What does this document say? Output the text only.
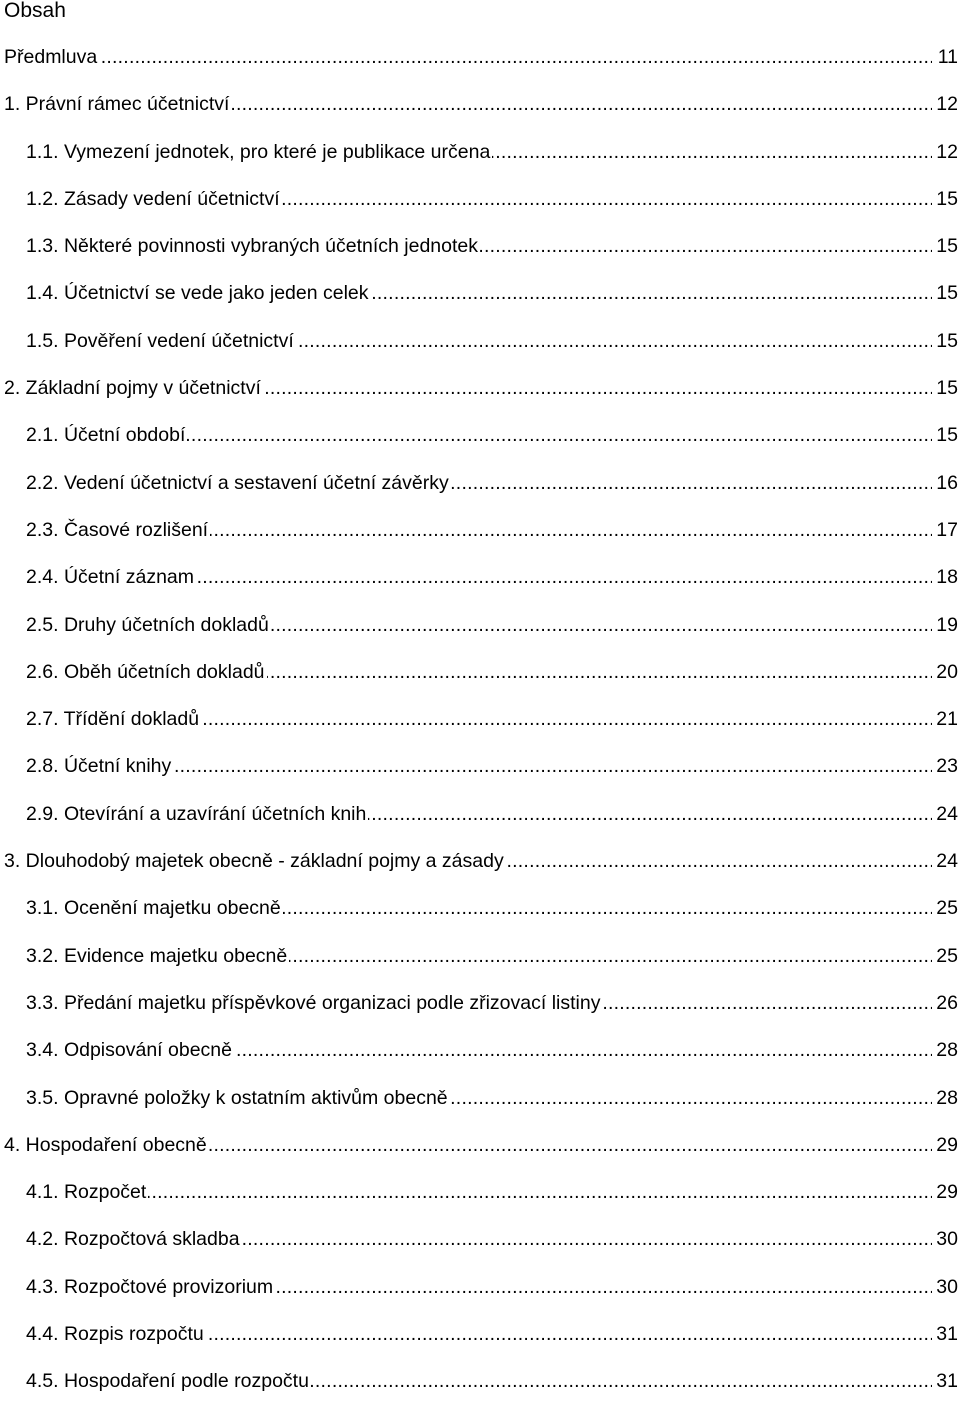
Obsah
Předmluva . . .	11
1. Právní rámec účetnictví . . .	12
1.1. Vymezení jednotek, pro které je publikace určena . . .	12
1.2. Zásady vedení účetnictví . . .	15
1.3. Některé povinnosti vybraných účetních jednotek . . .	15
1.4. Účetnictví se vede jako jeden celek . . .	15
1.5. Pověření vedení účetnictví . . .	15
2. Základní pojmy v účetnictví . . .	15
2.1. Účetní období . . .	15
2.2. Vedení účetnictví a sestavení účetní závěrky . . .	16
2.3. Časové rozlišení . . .	17
2.4. Účetní záznam . . .	18
2.5. Druhy účetních dokladů . . .	19
2.6. Oběh účetních dokladů . . .	20
2.7. Třídění dokladů . . .	21
2.8. Účetní knihy . . .	23
2.9. Otevírání a uzavírání účetních knih . . .	24
3. Dlouhodobý majetek obecně - základní pojmy a zásady . . .	24
3.1. Ocenění majetku obecně . . .	25
3.2. Evidence majetku obecně . . .	25
3.3. Předání majetku příspěvkové organizaci podle zřizovací listiny . . .	26
3.4. Odpisování obecně . . .	28
3.5. Opravné položky k ostatním aktivům obecně . . .	28
4. Hospodaření obecně . . .	29
4.1. Rozpočet . . .	29
4.2. Rozpočtová skladba . . .	30
4.3. Rozpočtové provizorium . . .	30
4.4. Rozpis rozpočtu . . .	31
4.5. Hospodaření podle rozpočtu . . .	31
